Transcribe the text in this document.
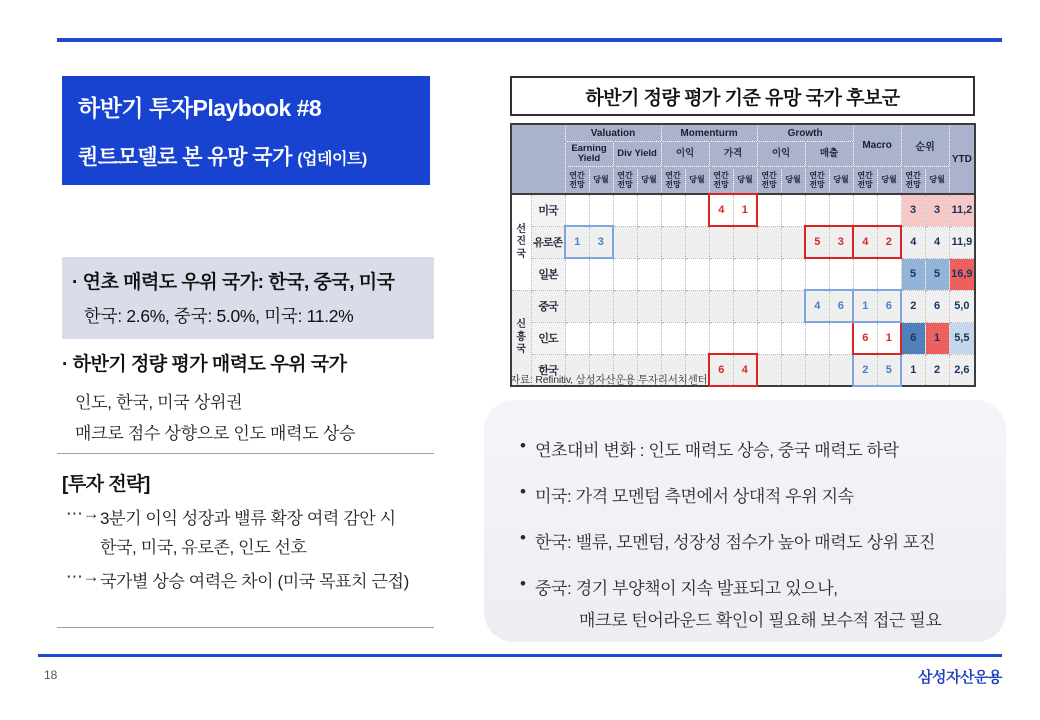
하반기 투자Playbook #8
퀀트모델로 본 유망 국가 (업데이트)
· 연초 매력도 우위 국가: 한국, 중국, 미국
한국: 2.6%, 중국: 5.0%, 미국: 11.2%
· 하반기 정량 평가 매력도 우위 국가
인도, 한국, 미국 상위권
매크로 점수 상향으로 인도 매력도 상승
[투자 전략]
⋯→ 3분기 이익 성장과 밸류 확장 여력 감안 시
한국, 미국, 유로존, 인도 선호
⋯→ 국가별 상승 여력은 차이 (미국 목표치 근접)
하반기 정량 평가 기준 유망 국가 후보군
		Valuation				Momenturm				Growth				Macro		순위		YTD
		Earning Yield		Div Yield		이익		가격		이익		매출						
		연간전망	당월	연간전망	당월	연간전망	당월	연간전망	당월	연간전망	당월	연간전망	당월	연간전망	당월	연간전망	당월	

선
진
국	미국							4	1							3	3	11,2
	유로존	1	3									5	3	4	2	4	4	11,9
	일본															5	5	16,9

신
흥
국	중국											4	6	1	6	2	6	5,0
	인도													6	1	6	1	5,5
	한국							6	4					2	5	1	2	2,6
자료: Refinitiv, 삼성자산운용 투자리서치센터
• 연초대비 변화 : 인도 매력도 상승, 중국 매력도 하락
• 미국: 가격 모멘텀 측면에서 상대적 우위 지속
• 한국: 밸류, 모멘텀, 성장성 점수가 높아 매력도 상위 포진
• 중국: 경기 부양책이 지속 발표되고 있으나,
매크로 턴어라운드 확인이 필요해 보수적 접근 필요
18	삼성자산운용
